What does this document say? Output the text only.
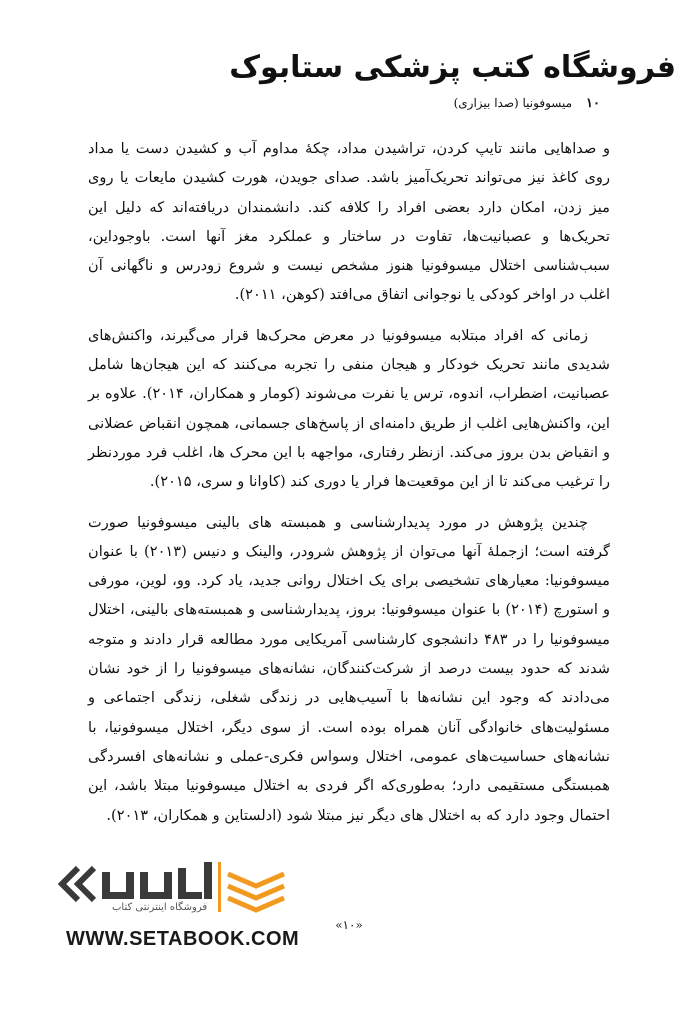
فروشگاه کتب پزشکی ستابوک
۱۰
میسوفونیا (صدا بیزاری)

و صداهایی مانند تایپ کردن، تراشیدن مداد، چکهٔ مداوم آب و کشیدن دست یا مداد روی کاغذ نیز می‌تواند تحریک‌آمیز باشد. صدای جویدن، هورت کشیدن مایعات یا روی میز زدن، امکان دارد بعضی افراد را کلافه کند. دانشمندان دریافته‌اند که دلیل این تحریک‌ها و عصبانیت‌ها، تفاوت در ساختار و عملکرد مغز آنها است. باوجوداین، سبب‌شناسی اختلال میسوفونیا هنوز مشخص نیست و شروع زودرس و ناگهانی آن اغلب در اواخر کودکی یا نوجوانی اتفاق می‌افتد (کوهن، ۲۰۱۱).

زمانی که افراد مبتلابه میسوفونیا در معرض محرک‌ها قرار می‌گیرند، واکنش‌های شدیدی مانند تحریک خودکار و هیجان منفی را تجربه می‌کنند که این هیجان‌ها شامل عصبانیت، اضطراب، اندوه، ترس یا نفرت می‌شوند (کومار و همکاران، ۲۰۱۴). علاوه بر این، واکنش‌هایی اغلب از طریق دامنه‌ای از پاسخ‌های جسمانی، همچون انقباض عضلانی و انقباض بدن بروز می‌کند. ازنظر رفتاری، مواجهه با این محرک ها، اغلب فرد موردنظر را ترغیب می‌کند تا از این موقعیت‌ها فرار یا دوری کند (کاوانا و سری، ۲۰۱۵).

چندین پژوهش در مورد پدیدارشناسی و همبسته های بالینی میسوفونیا صورت گرفته است؛ ازجملهٔ آنها می‌توان از پژوهش شرودر، والینک و دنیس (۲۰۱۳) با عنوان میسوفونیا: معیارهای تشخیصی برای یک اختلال روانی جدید، یاد کرد. وو، لوین، مورفی و استورچ (۲۰۱۴) با عنوان میسوفونیا: بروز، پدیدارشناسی و همبسته‌های بالینی، اختلال میسوفونیا را در ۴۸۳ دانشجوی کارشناسی آمریکایی مورد مطالعه قرار دادند و متوجه شدند که حدود بیست درصد از شرکت‌کنندگان، نشانه‌های میسوفونیا را از خود نشان می‌دادند که وجود این نشانه‌ها با آسیب‌هایی در زندگی شغلی، زندگی اجتماعی و مسئولیت‌های خانوادگی آنان همراه بوده است. از سوی دیگر، اختلال میسوفونیا، با نشانه‌های حساسیت‌های عمومی، اختلال وسواس فکری-عملی و نشانه‌های افسردگی همبستگی مستقیمی دارد؛ به‌طوری‌که اگر فردی به اختلال میسوفونیا مبتلا باشد، این احتمال وجود دارد که به اختلال های دیگر نیز مبتلا شود (ادلستاین و همکاران، ۲۰۱۳).

فروشگاه اینترنتی کتاب
WWW.SETABOOK.COM
«۱۰»
